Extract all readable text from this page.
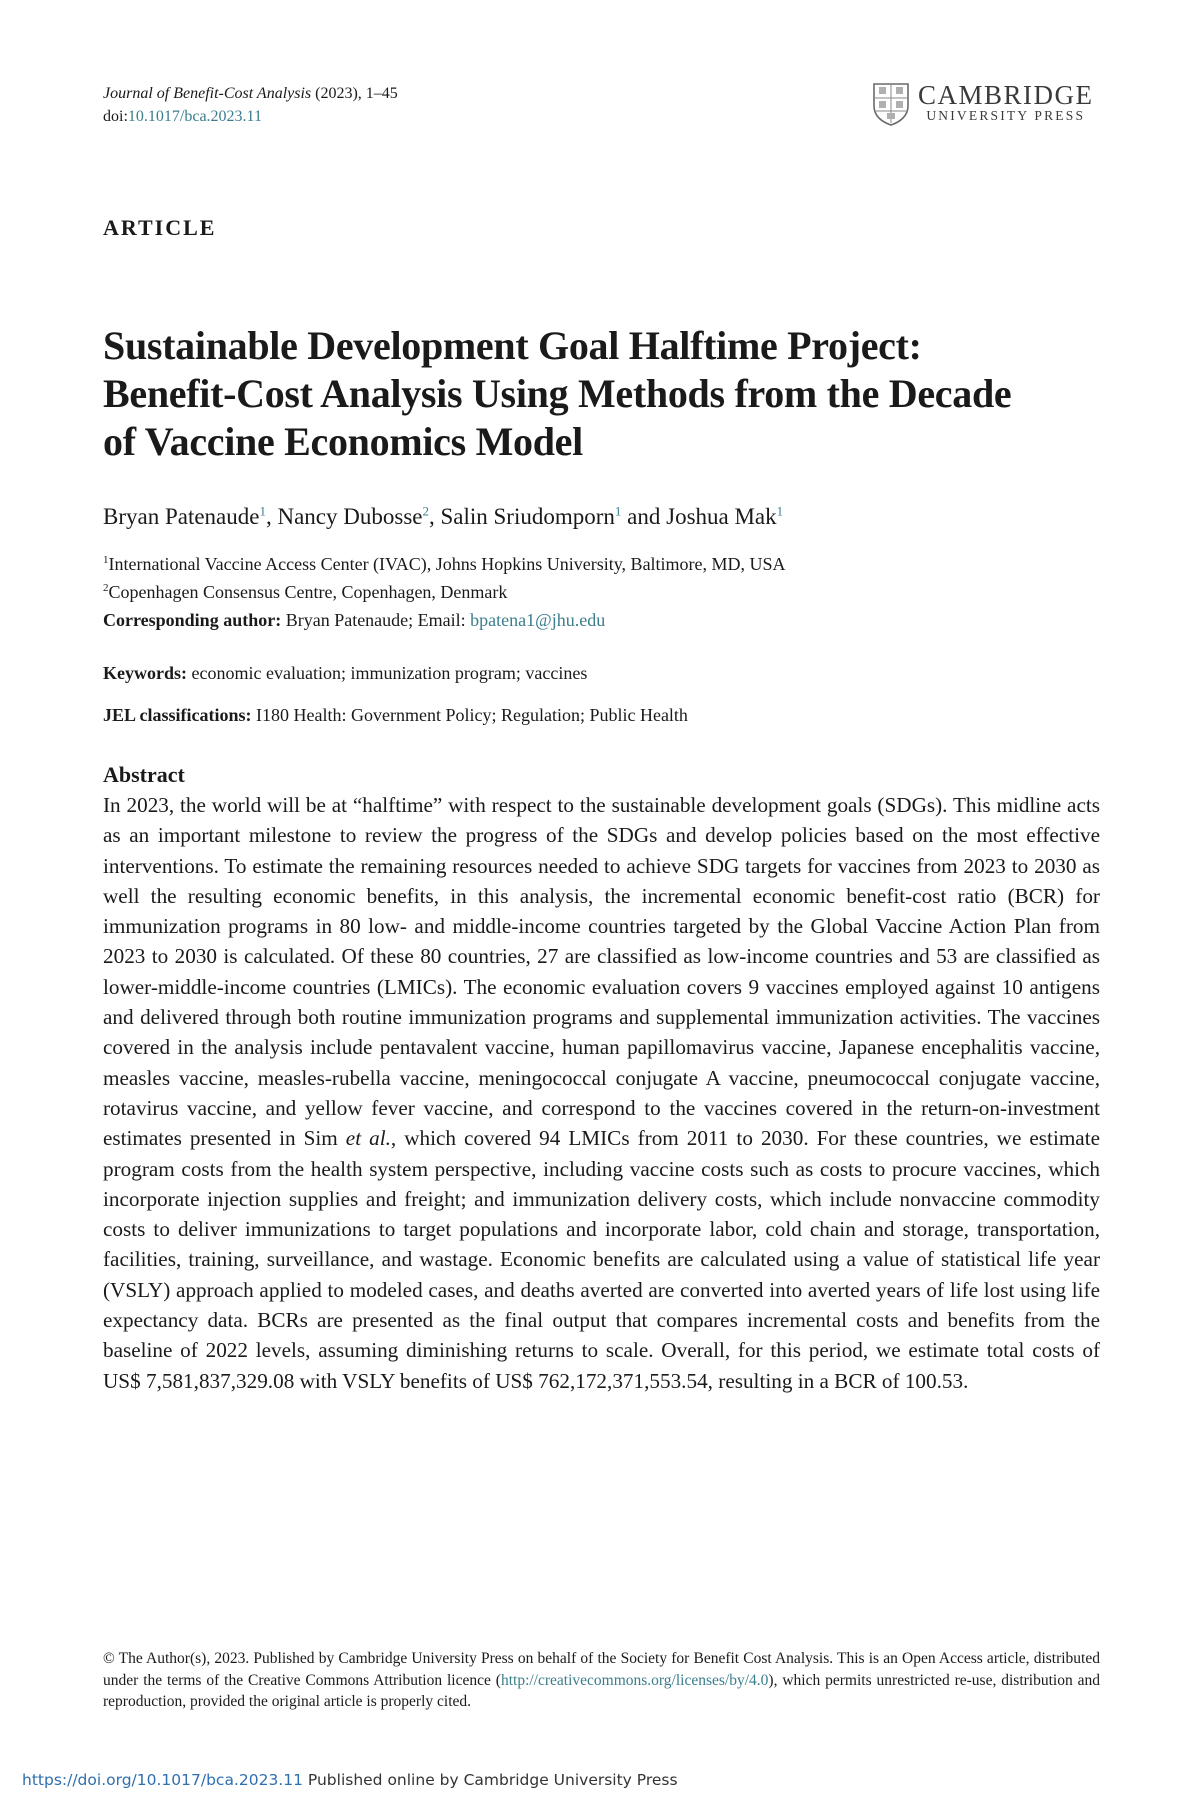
Journal of Benefit-Cost Analysis (2023), 1–45
doi:10.1017/bca.2023.11
CAMBRIDGE
UNIVERSITY PRESS
ARTICLE
Sustainable Development Goal Halftime Project:
Benefit-Cost Analysis Using Methods from the Decade
of Vaccine Economics Model
Bryan Patenaude$^1$, Nancy Dubosse$^2$, Salin Sriudomporn$^1$ and Joshua Mak$^1$
$^1$International Vaccine Access Center (IVAC), Johns Hopkins University, Baltimore, MD, USA
$^2$Copenhagen Consensus Centre, Copenhagen, Denmark
Corresponding author: Bryan Patenaude; Email: bpatena1@jhu.edu
Keywords: economic evaluation; immunization program; vaccines
JEL classifications: I180 Health: Government Policy; Regulation; Public Health
Abstract

In 2023, the world will be at “halftime” with respect to the sustainable development goals (SDGs). This midline acts as an important milestone to review the progress of the SDGs and develop policies based on the most effective interventions. To estimate the remaining resources needed to achieve SDG targets for vaccines from 2023 to 2030 as well the resulting economic benefits, in this analysis, the incremental economic benefit-cost ratio (BCR) for immunization programs in 80 low- and middle-income countries targeted by the Global Vaccine Action Plan from 2023 to 2030 is calculated. Of these 80 countries, 27 are classified as low-income countries and 53 are classified as lower-middle-income countries (LMICs). The economic evaluation covers 9 vaccines employed against 10 antigens and delivered through both routine immunization programs and supplemental immunization activities. The vaccines covered in the analysis include pentavalent vaccine, human papillomavirus vaccine, Japanese encephalitis vaccine, measles vaccine, measles-rubella vaccine, meningococcal conjugate A vaccine, pneumococcal conjugate vaccine, rotavirus vaccine, and yellow fever vaccine, and correspond to the vaccines covered in the return-on-investment estimates presented in Sim et al., which covered 94 LMICs from 2011 to 2030. For these countries, we estimate program costs from the health system perspective, including vaccine costs such as costs to procure vaccines, which incorporate injection supplies and freight; and immunization delivery costs, which include nonvaccine commodity costs to deliver immunizations to target populations and incorporate labor, cold chain and storage, transportation, facilities, training, surveillance, and wastage. Economic benefits are calculated using a value of statistical life year (VSLY) approach applied to modeled cases, and deaths averted are converted into averted years of life lost using life expectancy data. BCRs are presented as the final output that compares incremental costs and benefits from the baseline of 2022 levels, assuming diminishing returns to scale. Overall, for this period, we estimate total costs of US$ 7,581,837,329.08 with VSLY benefits of US$ 762,172,371,553.54, resulting in a BCR of 100.53.

© The Author(s), 2023. Published by Cambridge University Press on behalf of the Society for Benefit Cost Analysis. This is an Open Access article, distributed under the terms of the Creative Commons Attribution licence (http://creativecommons.org/licenses/by/4.0), which permits unrestricted re-use, distribution and reproduction, provided the original article is properly cited.
https://doi.org/10.1017/bca.2023.11 Published online by Cambridge University Press
